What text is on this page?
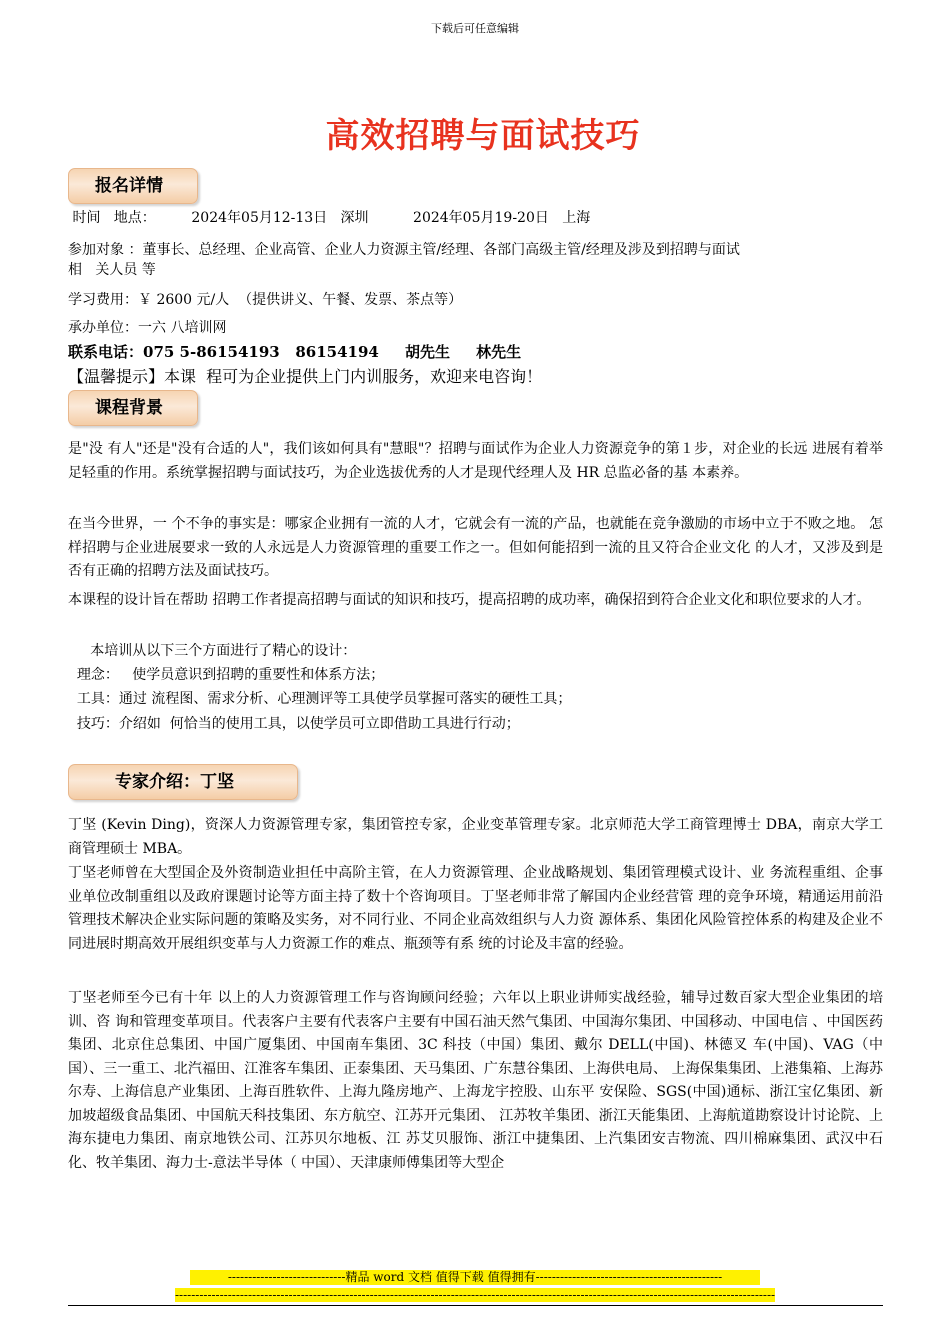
下载后可任意编辑
高效招聘与面试技巧
报名详情
时间   地点：        2024年05月12-13日   深圳          2024年05月19-20日   上海
参加对象 ：董事长、总经理、企业高管、企业人力资源主管/经理、各部门高级主管/经理及涉及到招聘与面试
相   关人员 等
学习费用：￥ 2600 元/人  （提供讲义、午餐、发票、茶点等）
承办单位：一六 八培训网
联系电话：075 5-86154193   86154194     胡先生     林先生
【温馨提示】本课  程可为企业提供上门内训服务，欢迎来电咨询！
课程背景
是"没 有人"还是"没有合适的人"，我们该如何具有"慧眼"？招聘与面试作为企业人力资源竞争的第１步，对企业的长远 进展有着举足轻重的作用。系统掌握招聘与面试技巧，为企业选拔优秀的人才是现代经理人及 HR 总监必备的基 本素养。
在当今世界，一 个不争的事实是：哪家企业拥有一流的人才，它就会有一流的产品，也就能在竞争激励的市场中立于不败之地。 怎样招聘与企业进展要求一致的人永远是人力资源管理的重要工作之一。但如何能招到一流的且又符合企业文化 的人才，又涉及到是否有正确的招聘方法及面试技巧。
本课程的设计旨在帮助 招聘工作者提高招聘与面试的知识和技巧，提高招聘的成功率，确保招到符合企业文化和职位要求的人才。
本培训从以下三个方面进行了精心的设计：
理念：   使学员意识到招聘的重要性和体系方法；
工具：通过 流程图、需求分析、心理测评等工具使学员掌握可落实的硬性工具；
技巧：介绍如  何恰当的使用工具，以使学员可立即借助工具进行行动；
专家介绍：丁坚
丁坚 (Kevin Ding)，资深人力资源管理专家，集团管控专家，企业变革管理专家。北京师范大学工商管理博士 DBA，南京大学工商管理硕士 MBA。
丁坚老师曾在大型国企及外资制造业担任中高阶主管，在人力资源管理、企业战略规划、集团管理模式设计、业 务流程重组、企事业单位改制重组以及政府课题讨论等方面主持了数十个咨询项目。丁坚老师非常了解国内企业经营管 理的竞争环境，精通运用前沿管理技术解决企业实际问题的策略及实务，对不同行业、不同企业高效组织与人力资 源体系、集团化风险管控体系的构建及企业不同进展时期高效开展组织变革与人力资源工作的难点、瓶颈等有系 统的讨论及丰富的经验。
丁坚老师至今已有十年 以上的人力资源管理工作与咨询顾问经验；六年以上职业讲师实战经验，辅导过数百家大型企业集团的培训、咨 询和管理变革项目。代表客户主要有代表客户主要有中国石油天然气集团、中国海尔集团、中国移动、中国电信 、中国医药集团、北京住总集团、中国广厦集团、中国南车集团、3C 科技（中国）集团、戴尔 DELL(中国)、林德叉 车(中国)、VAG（中国）、三一重工、北汽福田、江淮客车集团、正泰集团、天马集团、广东慧谷集团、上海供电局、 上海保集集团、上港集箱、上海苏尔寿、上海信息产业集团、上海百胜软件、上海九隆房地产、上海龙宇控股、山东平 安保险、SGS(中国)通标、浙江宝亿集团、新加坡超级食品集团、中国航天科技集团、东方航空、江苏开元集团、 江苏牧羊集团、浙江天能集团、上海航道勘察设计讨论院、上海东捷电力集团、南京地铁公司、江苏贝尔地板、江 苏艾贝服饰、浙江中捷集团、上汽集团安吉物流、四川棉麻集团、武汉中石化、牧羊集团、海力士-意法半导体（ 中国）、天津康师傅集团等大型企
-----------------------------精品 word 文档 值得下载 值得拥有----------------------------------------------
----------------------------------------------------------------------------------------------------------------------------------------------------
